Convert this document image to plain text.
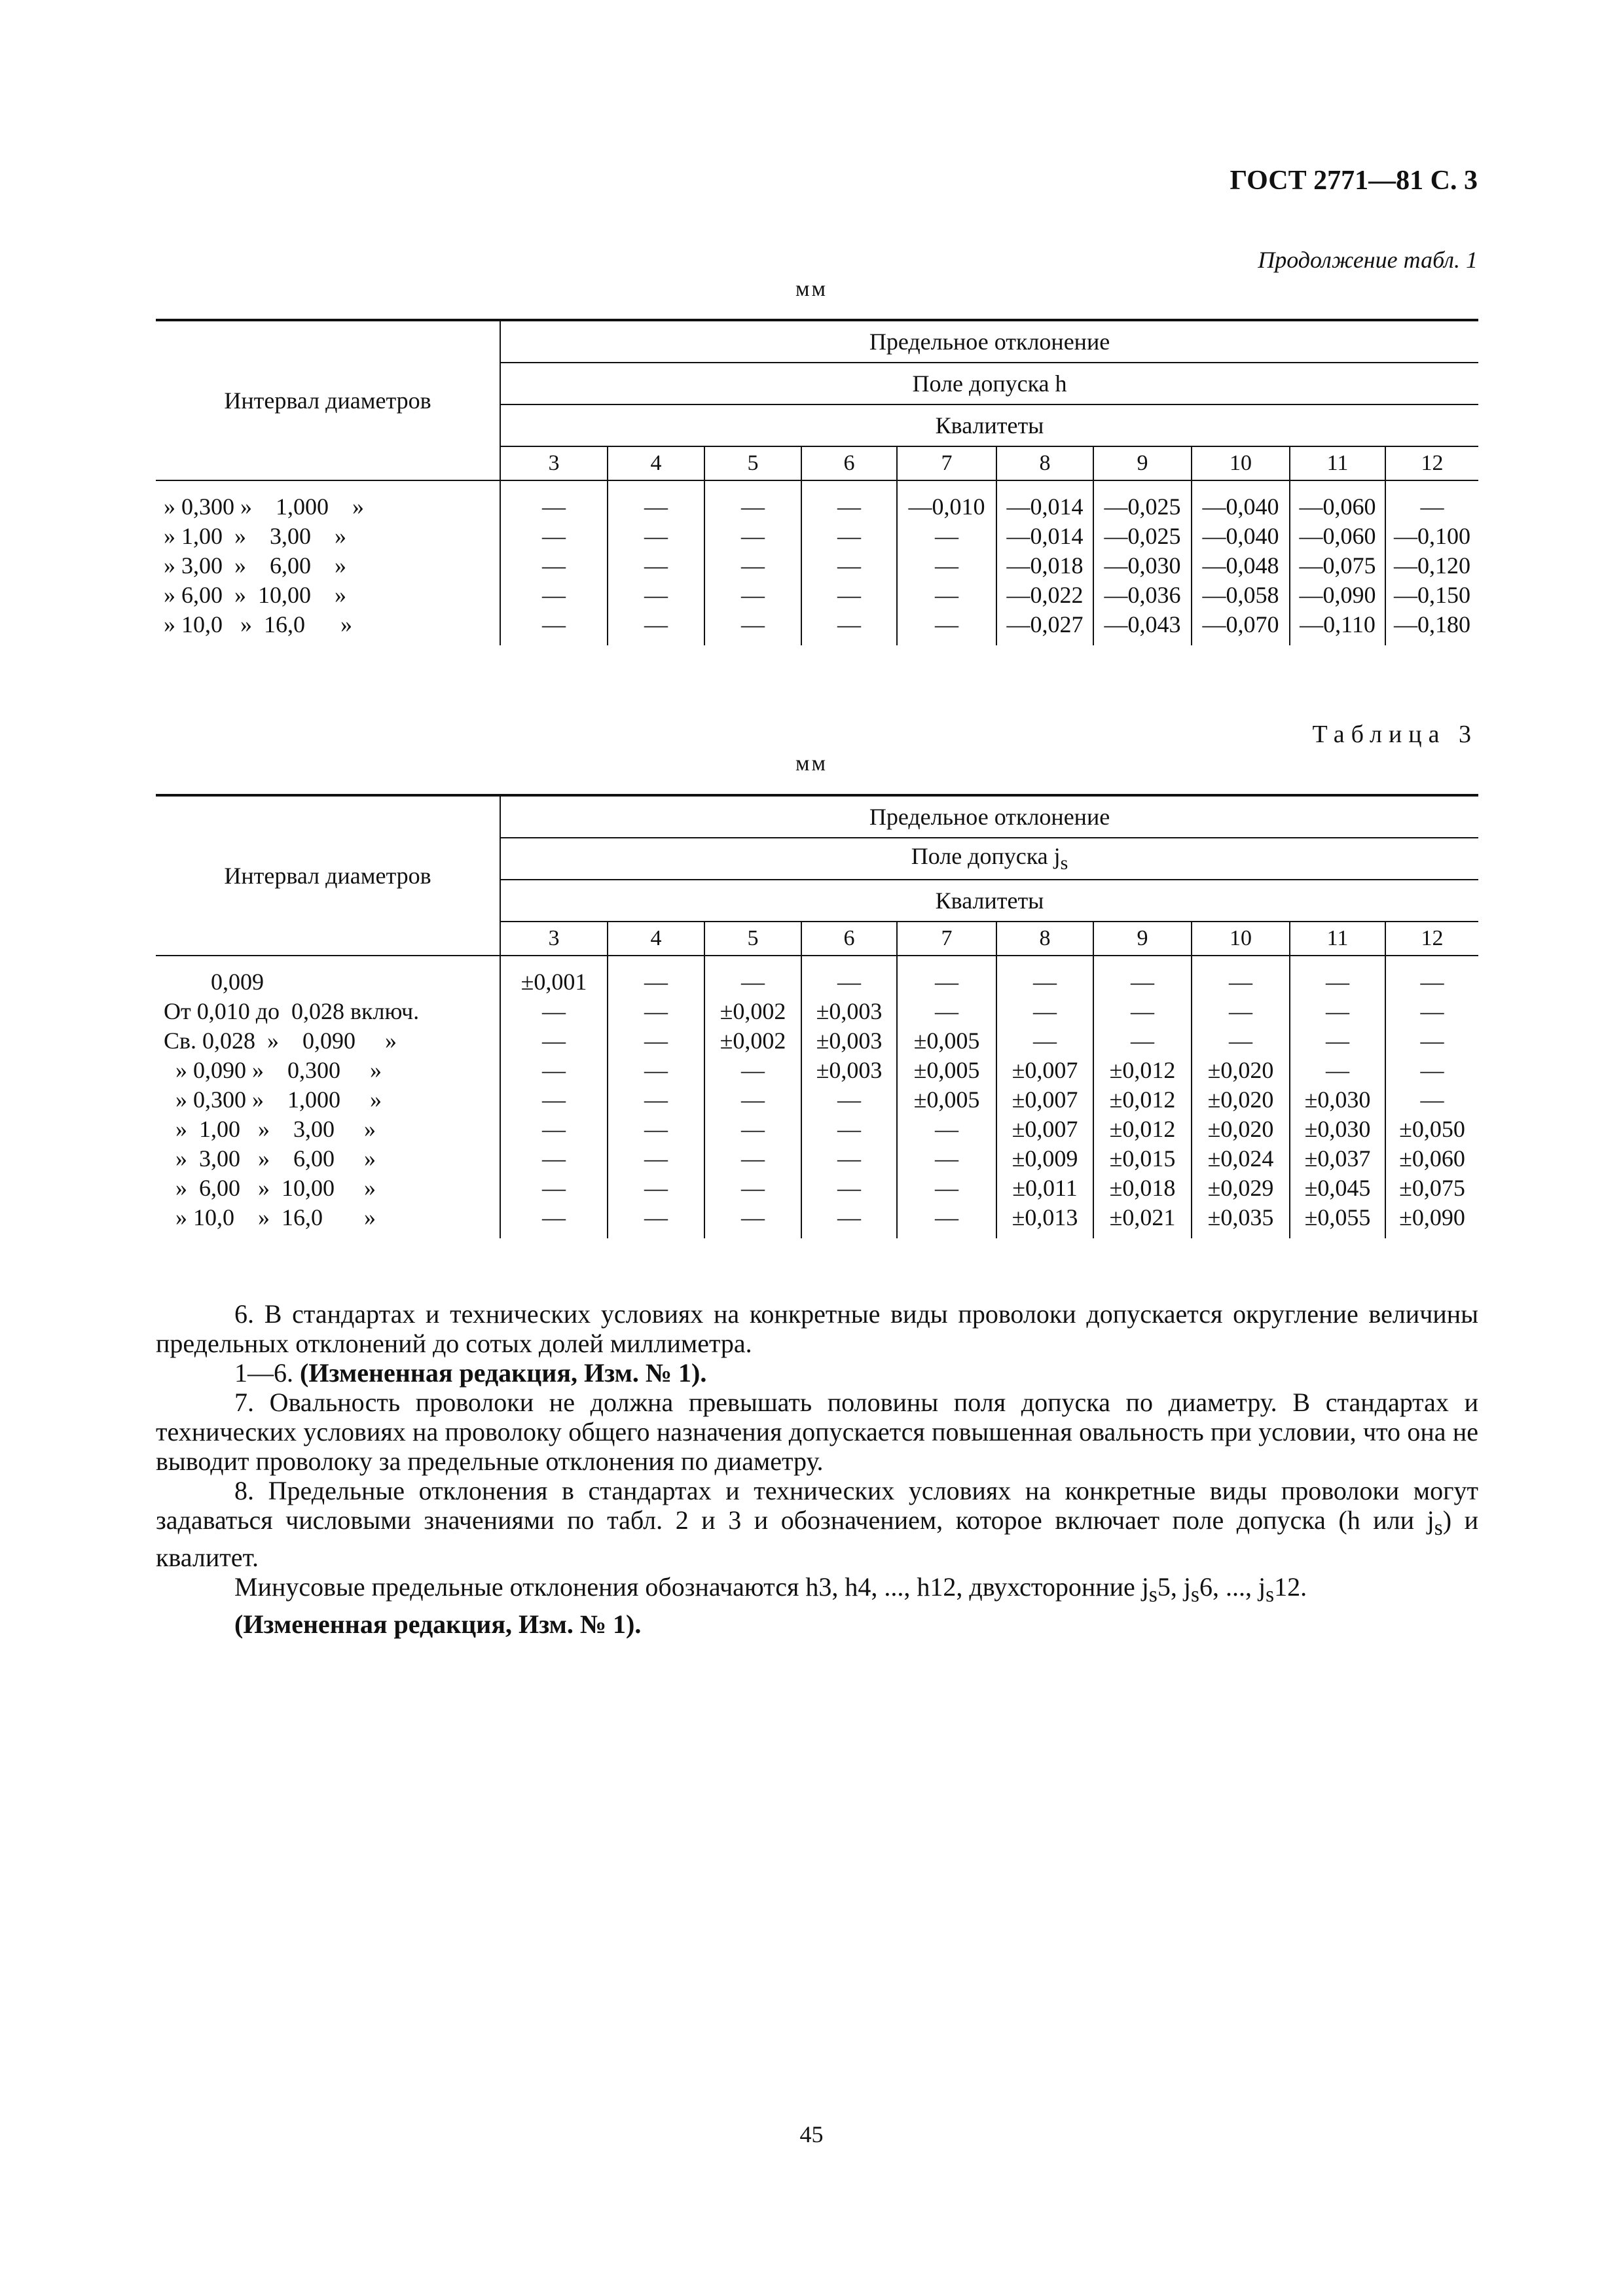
ГОСТ 2771—81 С. 3
Продолжение табл. 1
мм
Интервал диаметров	Предельное отклонение									
	Поле допуска h									
	Квалитеты									
	3	4	5	6	7	8	9	10	11	12
» 0,300 »    1,000    »	—	—	—	—	—0,010	—0,014	—0,025	—0,040	—0,060	—
» 1,00  »    3,00    »	—	—	—	—	—	—0,014	—0,025	—0,040	—0,060	—0,100
» 3,00  »    6,00    »	—	—	—	—	—	—0,018	—0,030	—0,048	—0,075	—0,120
» 6,00  »  10,00    »	—	—	—	—	—	—0,022	—0,036	—0,058	—0,090	—0,150
» 10,0   »  16,0      »	—	—	—	—	—	—0,027	—0,043	—0,070	—0,110	—0,180

Таблица 3
мм
Интервал диаметров	Предельное отклонение									
	Поле допуска $j_s$
	Квалитеты									
	3	4	5	6	7	8	9	10	11	12
0,009	±0,001	—	—	—	—	—	—	—	—	—
От 0,010 до  0,028 включ.	—	—	±0,002	±0,003	—	—	—	—	—	—
Св. 0,028  »    0,090     »	—	—	±0,002	±0,003	±0,005	—	—	—	—	—
» 0,090 »    0,300     »	—	—	—	±0,003	±0,005	±0,007	±0,012	±0,020	—	—
» 0,300 »    1,000     »	—	—	—	—	±0,005	±0,007	±0,012	±0,020	±0,030	—
»  1,00   »    3,00     »	—	—	—	—	—	±0,007	±0,012	±0,020	±0,030	±0,050
»  3,00   »    6,00     »	—	—	—	—	—	±0,009	±0,015	±0,024	±0,037	±0,060
»  6,00   »  10,00     »	—	—	—	—	—	±0,011	±0,018	±0,029	±0,045	±0,075
» 10,0    »  16,0       »	—	—	—	—	—	±0,013	±0,021	±0,035	±0,055	±0,090

6. В стандартах и технических условиях на конкретные виды проволоки допускается округление величины предельных отклонений до сотых долей миллиметра.

1—6. (Измененная редакция, Изм. № 1).

7. Овальность проволоки не должна превышать половины поля допуска по диаметру. В стандартах и технических условиях на проволоку общего назначения допускается повышенная овальность при условии, что она не выводит проволоку за предельные отклонения по диаметру.

8. Предельные отклонения в стандартах и технических условиях на конкретные виды проволоки могут задаваться числовыми значениями по табл. 2 и 3 и обозначением, которое включает поле допуска (h или $j_s$) и квалитет.

Минусовые предельные отклонения обозначаются h3, h4, ..., h12, двухсторонние $j_s5$, $j_s6$, ..., $j_s12$.

(Измененная редакция, Изм. № 1).

45
